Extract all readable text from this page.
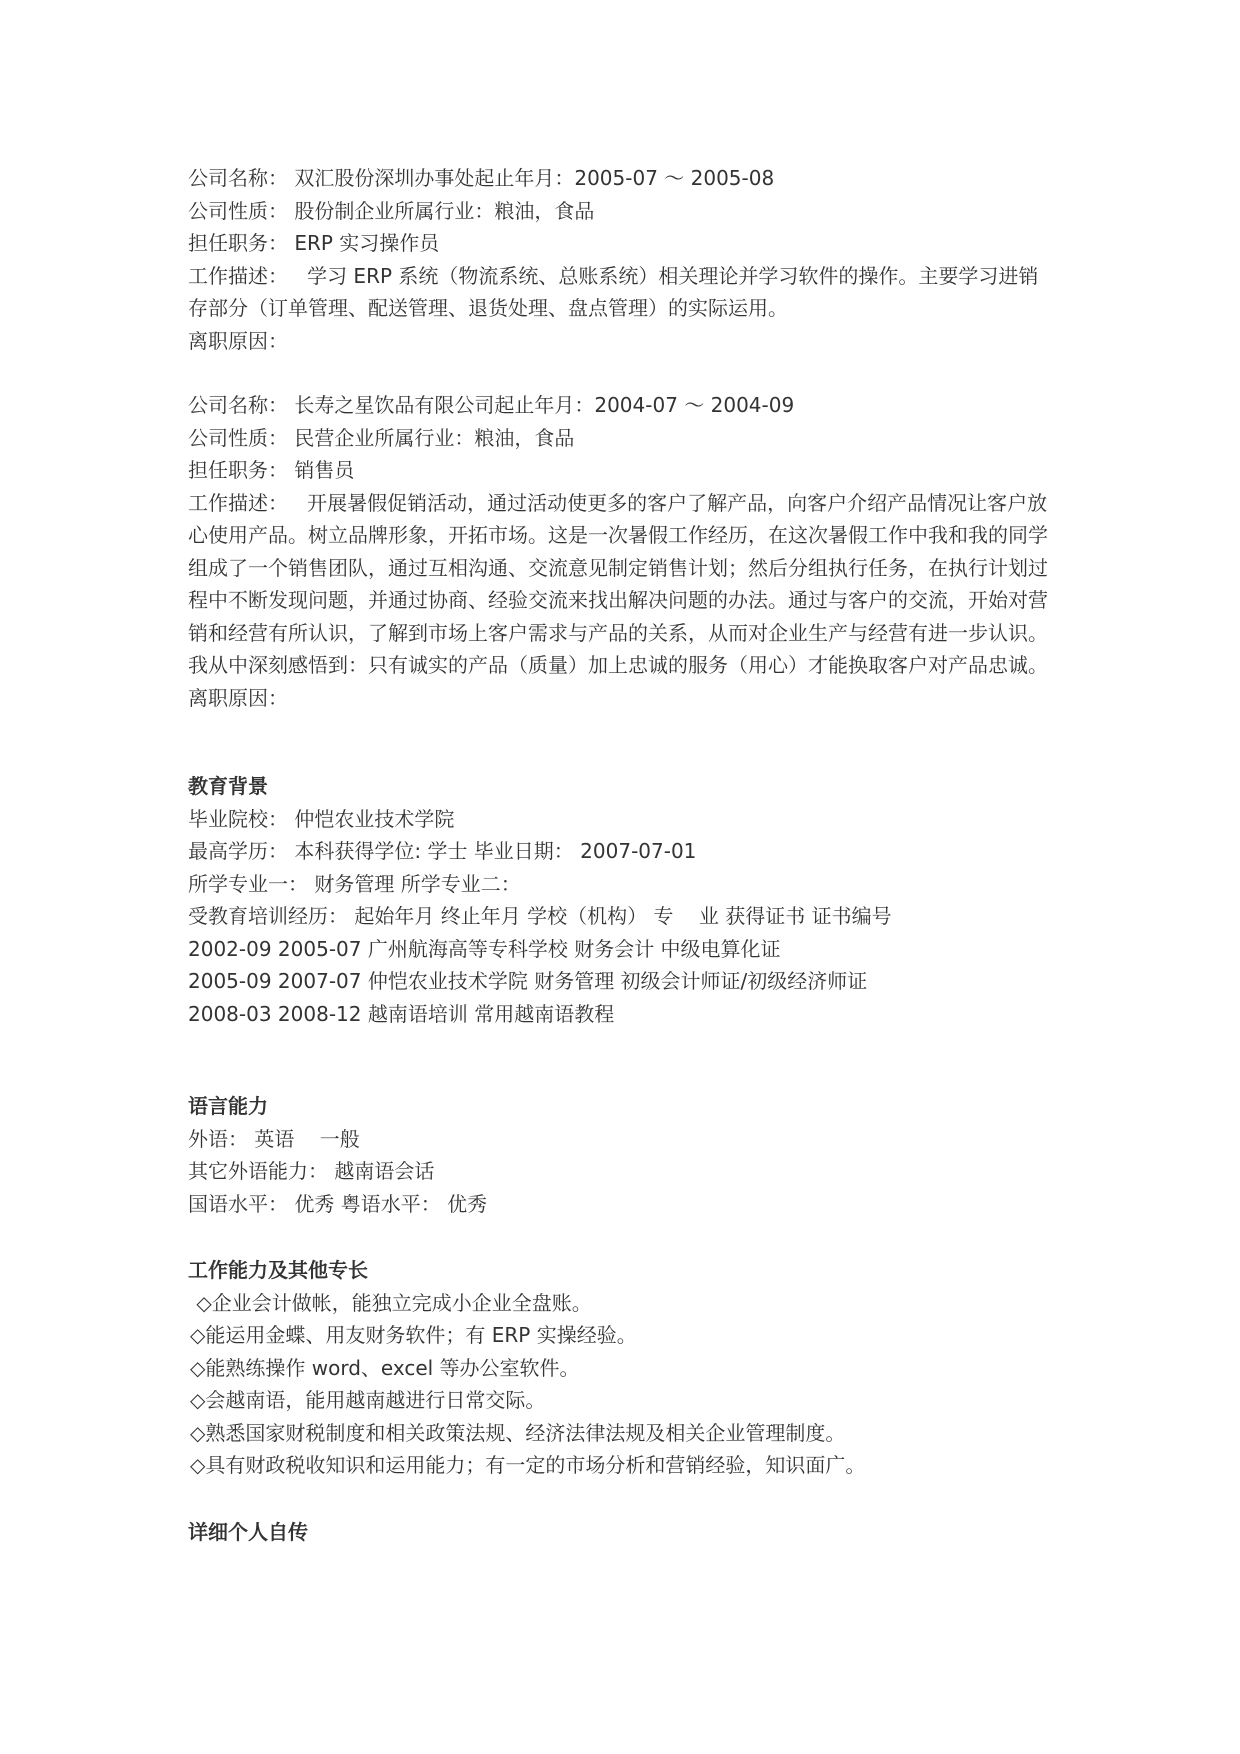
公司名称： 双汇股份深圳办事处起止年月：2005-07 ～ 2005-08
公司性质： 股份制企业所属行业：粮油，食品
担任职务： ERP 实习操作员
工作描述：   学习 ERP 系统（物流系统、总账系统）相关理论并学习软件的操作。主要学习进销存部分（订单管理、配送管理、退货处理、盘点管理）的实际运用。
离职原因：
公司名称： 长寿之星饮品有限公司起止年月：2004-07 ～ 2004-09
公司性质： 民营企业所属行业：粮油，食品
担任职务： 销售员
工作描述：   开展暑假促销活动，通过活动使更多的客户了解产品，向客户介绍产品情况让客户放心使用产品。树立品牌形象，开拓市场。这是一次暑假工作经历，在这次暑假工作中我和我的同学组成了一个销售团队，通过互相沟通、交流意见制定销售计划；然后分组执行任务，在执行计划过程中不断发现问题，并通过协商、经验交流来找出解决问题的办法。通过与客户的交流，开始对营销和经营有所认识，了解到市场上客户需求与产品的关系，从而对企业生产与经营有进一步认识。我从中深刻感悟到：只有诚实的产品（质量）加上忠诚的服务（用心）才能换取客户对产品忠诚。
离职原因：
教育背景
毕业院校： 仲恺农业技术学院
最高学历： 本科获得学位: 学士 毕业日期： 2007-07-01
所学专业一： 财务管理 所学专业二：
受教育培训经历： 起始年月 终止年月 学校（机构） 专    业 获得证书 证书编号
2002-09 2005-07 广州航海高等专科学校 财务会计 中级电算化证
2005-09 2007-07 仲恺农业技术学院 财务管理 初级会计师证/初级经济师证
2008-03 2008-12 越南语培训 常用越南语教程
语言能力
外语： 英语    一般
其它外语能力： 越南语会话
国语水平： 优秀 粤语水平： 优秀
工作能力及其他专长
◇企业会计做帐，能独立完成小企业全盘账。
◇能运用金蝶、用友财务软件；有 ERP 实操经验。
◇能熟练操作 word、excel 等办公室软件。
◇会越南语，能用越南越进行日常交际。
◇熟悉国家财税制度和相关政策法规、经济法律法规及相关企业管理制度。
◇具有财政税收知识和运用能力；有一定的市场分析和营销经验，知识面广。
详细个人自传
